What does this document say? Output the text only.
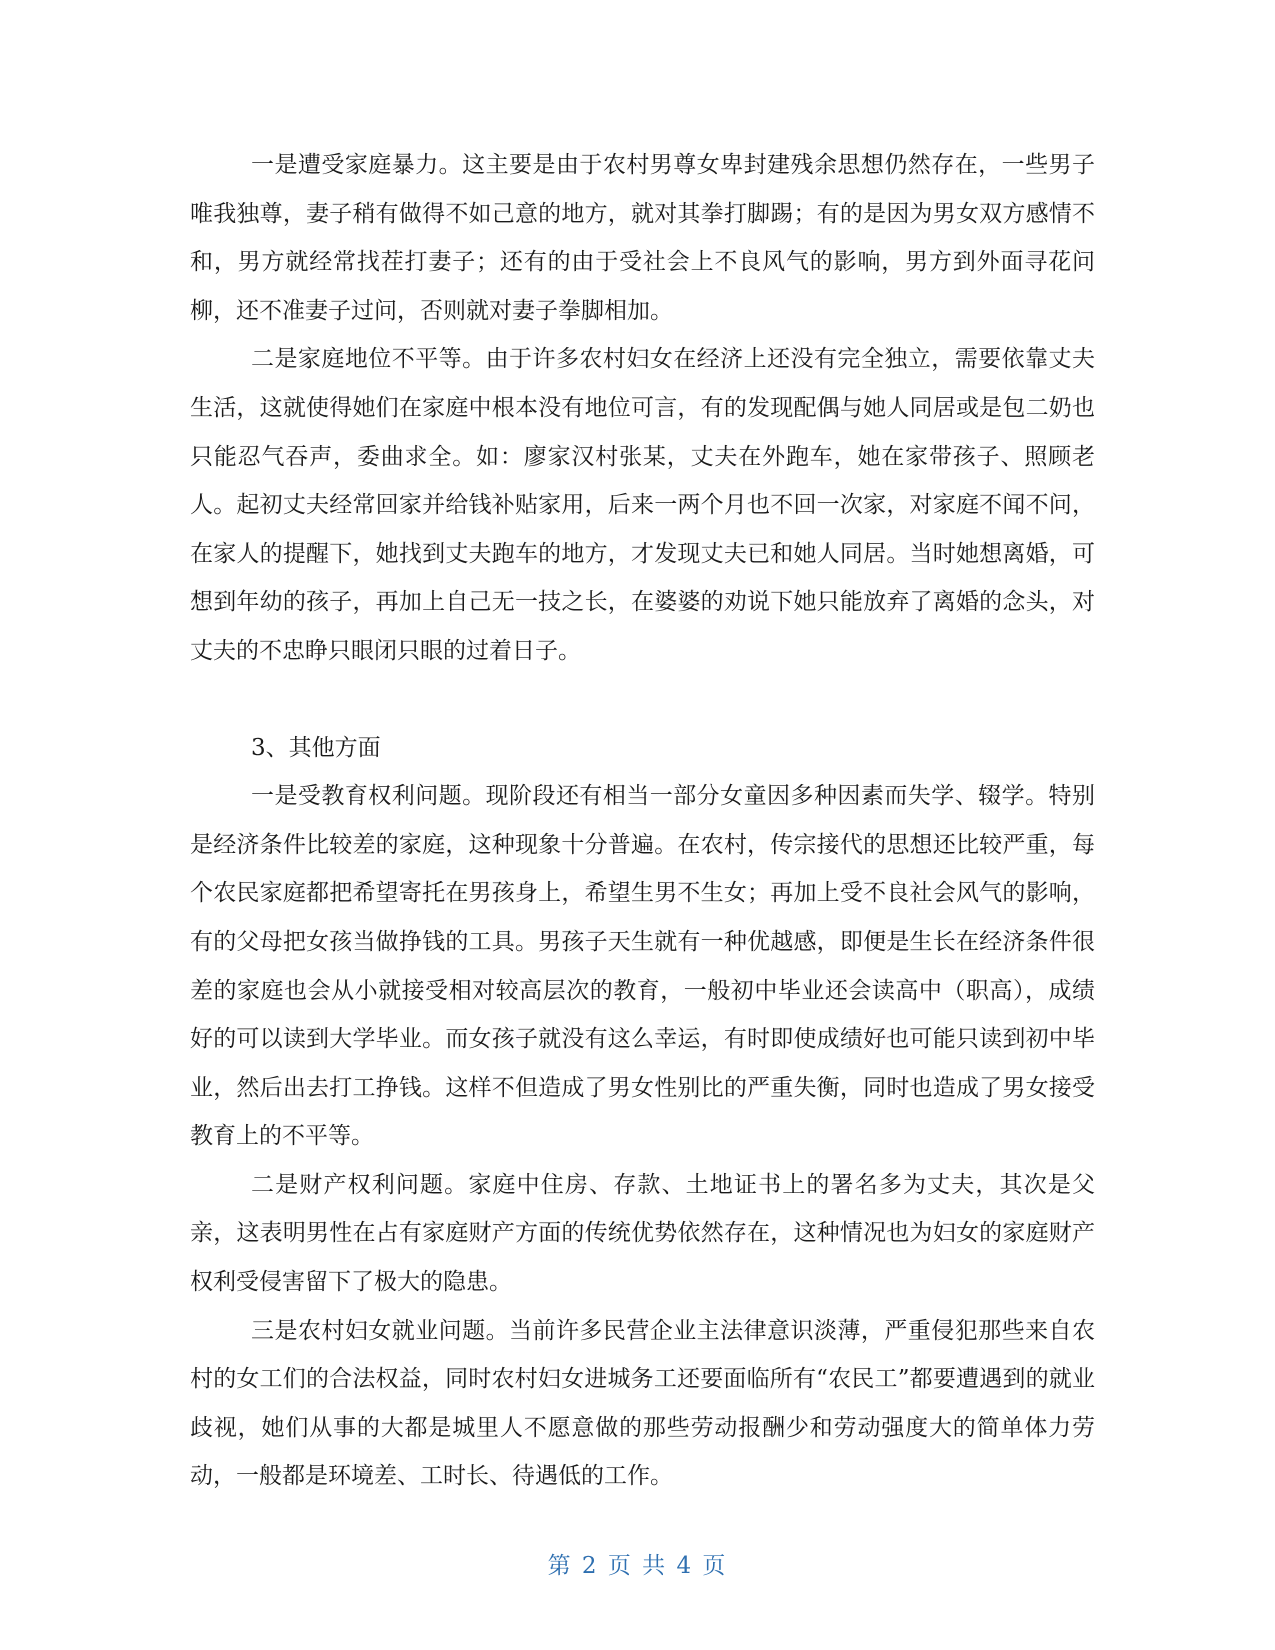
一是遭受家庭暴力。这主要是由于农村男尊女卑封建残余思想仍然存在，一些男子唯我独尊，妻子稍有做得不如己意的地方，就对其拳打脚踢；有的是因为男女双方感情不和，男方就经常找茬打妻子；还有的由于受社会上不良风气的影响，男方到外面寻花问柳，还不准妻子过问，否则就对妻子拳脚相加。

二是家庭地位不平等。由于许多农村妇女在经济上还没有完全独立，需要依靠丈夫生活，这就使得她们在家庭中根本没有地位可言，有的发现配偶与她人同居或是包二奶也只能忍气吞声，委曲求全。如：廖家汉村张某，丈夫在外跑车，她在家带孩子、照顾老人。起初丈夫经常回家并给钱补贴家用，后来一两个月也不回一次家，对家庭不闻不问，在家人的提醒下，她找到丈夫跑车的地方，才发现丈夫已和她人同居。当时她想离婚，可想到年幼的孩子，再加上自己无一技之长，在婆婆的劝说下她只能放弃了离婚的念头，对丈夫的不忠睁只眼闭只眼的过着日子。

3、其他方面

一是受教育权利问题。现阶段还有相当一部分女童因多种因素而失学、辍学。特别是经济条件比较差的家庭，这种现象十分普遍。在农村，传宗接代的思想还比较严重，每个农民家庭都把希望寄托在男孩身上，希望生男不生女；再加上受不良社会风气的影响，有的父母把女孩当做挣钱的工具。男孩子天生就有一种优越感，即便是生长在经济条件很差的家庭也会从小就接受相对较高层次的教育，一般初中毕业还会读高中（职高），成绩好的可以读到大学毕业。而女孩子就没有这么幸运，有时即使成绩好也可能只读到初中毕业，然后出去打工挣钱。这样不但造成了男女性别比的严重失衡，同时也造成了男女接受教育上的不平等。

二是财产权利问题。家庭中住房、存款、土地证书上的署名多为丈夫，其次是父亲，这表明男性在占有家庭财产方面的传统优势依然存在，这种情况也为妇女的家庭财产权利受侵害留下了极大的隐患。

三是农村妇女就业问题。当前许多民营企业主法律意识淡薄，严重侵犯那些来自农村的女工们的合法权益，同时农村妇女进城务工还要面临所有“农民工”都要遭遇到的就业歧视，她们从事的大都是城里人不愿意做的那些劳动报酬少和劳动强度大的简单体力劳动，一般都是环境差、工时长、待遇低的工作。

第 2 页 共 4 页
